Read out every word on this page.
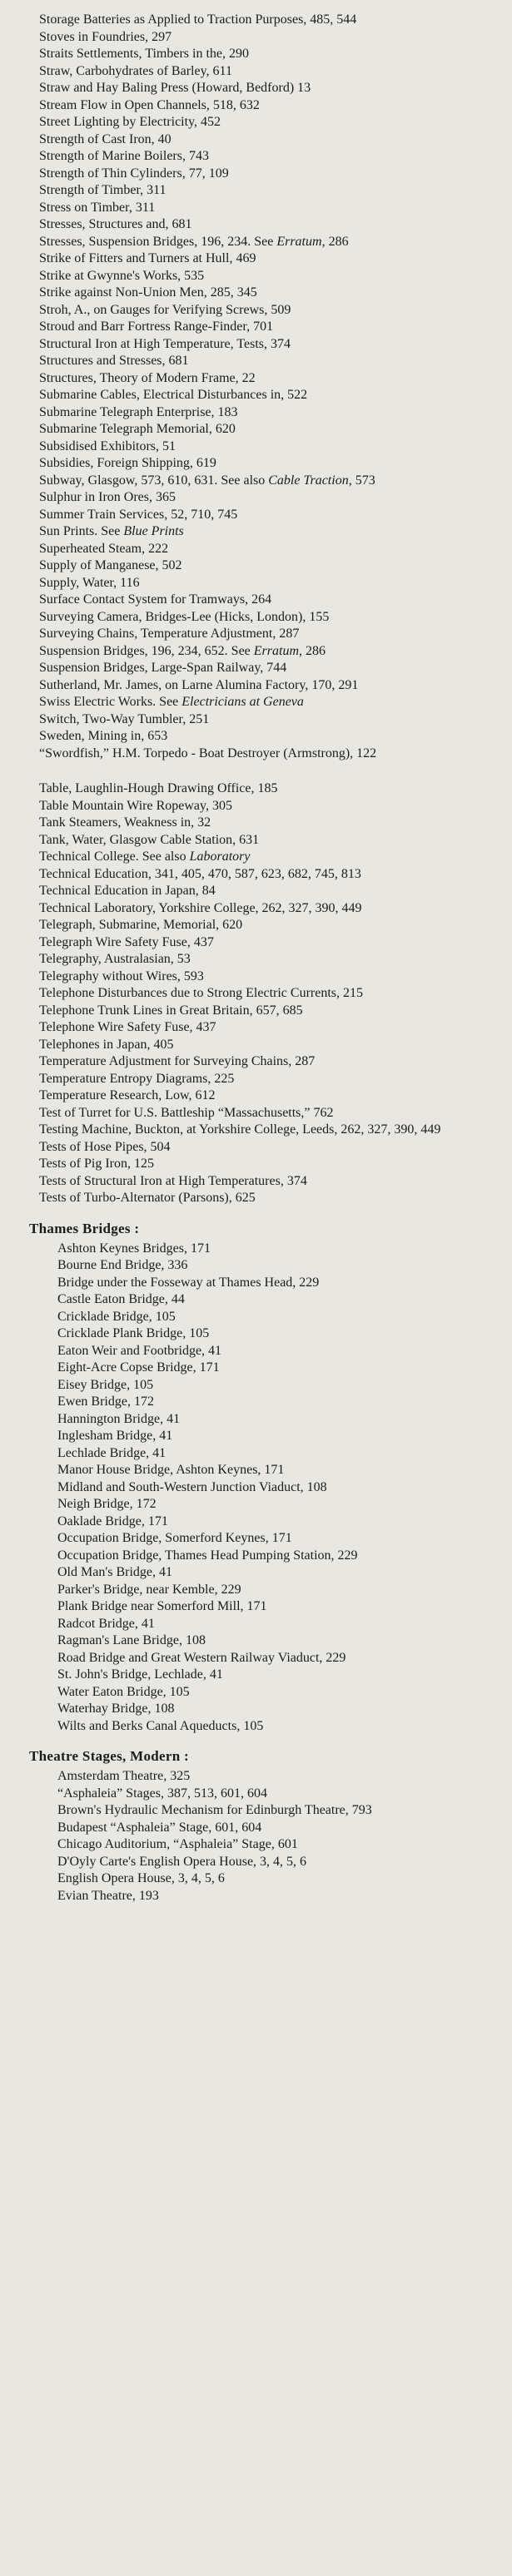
Storage Batteries as Applied to Traction Purposes, 485, 544
Stoves in Foundries, 297
Straits Settlements, Timbers in the, 290
Straw, Carbohydrates of Barley, 611
Straw and Hay Baling Press (Howard, Bedford) 13
Stream Flow in Open Channels, 518, 632
Street Lighting by Electricity, 452
Strength of Cast Iron, 40
Strength of Marine Boilers, 743
Strength of Thin Cylinders, 77, 109
Strength of Timber, 311
Stress on Timber, 311
Stresses, Structures and, 681
Stresses, Suspension Bridges, 196, 234. See Erratum, 286
Strike of Fitters and Turners at Hull, 469
Strike at Gwynne's Works, 535
Strike against Non-Union Men, 285, 345
Stroh, A., on Gauges for Verifying Screws, 509
Stroud and Barr Fortress Range-Finder, 701
Structural Iron at High Temperature, Tests, 374
Structures and Stresses, 681
Structures, Theory of Modern Frame, 22
Submarine Cables, Electrical Disturbances in, 522
Submarine Telegraph Enterprise, 183
Submarine Telegraph Memorial, 620
Subsidised Exhibitors, 51
Subsidies, Foreign Shipping, 619
Subway, Glasgow, 573, 610, 631. See also Cable Traction, 573
Sulphur in Iron Ores, 365
Summer Train Services, 52, 710, 745
Sun Prints. See Blue Prints
Superheated Steam, 222
Supply of Manganese, 502
Supply, Water, 116
Surface Contact System for Tramways, 264
Surveying Camera, Bridges-Lee (Hicks, London), 155
Surveying Chains, Temperature Adjustment, 287
Suspension Bridges, 196, 234, 652. See Erratum, 286
Suspension Bridges, Large-Span Railway, 744
Sutherland, Mr. James, on Larne Alumina Factory, 170, 291
Swiss Electric Works. See Electricians at Geneva
Switch, Two-Way Tumbler, 251
Sweden, Mining in, 653
“Swordfish,” H.M. Torpedo - Boat Destroyer (Armstrong), 122
Table, Laughlin-Hough Drawing Office, 185
Table Mountain Wire Ropeway, 305
Tank Steamers, Weakness in, 32
Tank, Water, Glasgow Cable Station, 631
Technical College. See also Laboratory
Technical Education, 341, 405, 470, 587, 623, 682, 745, 813
Technical Education in Japan, 84
Technical Laboratory, Yorkshire College, 262, 327, 390, 449
Telegraph, Submarine, Memorial, 620
Telegraph Wire Safety Fuse, 437
Telegraphy, Australasian, 53
Telegraphy without Wires, 593
Telephone Disturbances due to Strong Electric Currents, 215
Telephone Trunk Lines in Great Britain, 657, 685
Telephone Wire Safety Fuse, 437
Telephones in Japan, 405
Temperature Adjustment for Surveying Chains, 287
Temperature Entropy Diagrams, 225
Temperature Research, Low, 612
Test of Turret for U.S. Battleship “Massachusetts,” 762
Testing Machine, Buckton, at Yorkshire College, Leeds, 262, 327, 390, 449
Tests of Hose Pipes, 504
Tests of Pig Iron, 125
Tests of Structural Iron at High Temperatures, 374
Tests of Turbo-Alternator (Parsons), 625
Thames Bridges :
Ashton Keynes Bridges, 171
Bourne End Bridge, 336
Bridge under the Fosseway at Thames Head, 229
Castle Eaton Bridge, 44
Cricklade Bridge, 105
Cricklade Plank Bridge, 105
Eaton Weir and Footbridge, 41
Eight-Acre Copse Bridge, 171
Eisey Bridge, 105
Ewen Bridge, 172
Hannington Bridge, 41
Inglesham Bridge, 41
Lechlade Bridge, 41
Manor House Bridge, Ashton Keynes, 171
Midland and South-Western Junction Viaduct, 108
Neigh Bridge, 172
Oaklade Bridge, 171
Occupation Bridge, Somerford Keynes, 171
Occupation Bridge, Thames Head Pumping Station, 229
Old Man's Bridge, 41
Parker's Bridge, near Kemble, 229
Plank Bridge near Somerford Mill, 171
Radcot Bridge, 41
Ragman's Lane Bridge, 108
Road Bridge and Great Western Railway Viaduct, 229
St. John's Bridge, Lechlade, 41
Water Eaton Bridge, 105
Waterhay Bridge, 108
Wilts and Berks Canal Aqueducts, 105
Theatre Stages, Modern :
Amsterdam Theatre, 325
“Asphaleia” Stages, 387, 513, 601, 604
Brown's Hydraulic Mechanism for Edinburgh Theatre, 793
Budapest “Asphaleia” Stage, 601, 604
Chicago Auditorium, “Asphaleia” Stage, 601
D'Oyly Carte's English Opera House, 3, 4, 5, 6
English Opera House, 3, 4, 5, 6
Evian Theatre, 193
